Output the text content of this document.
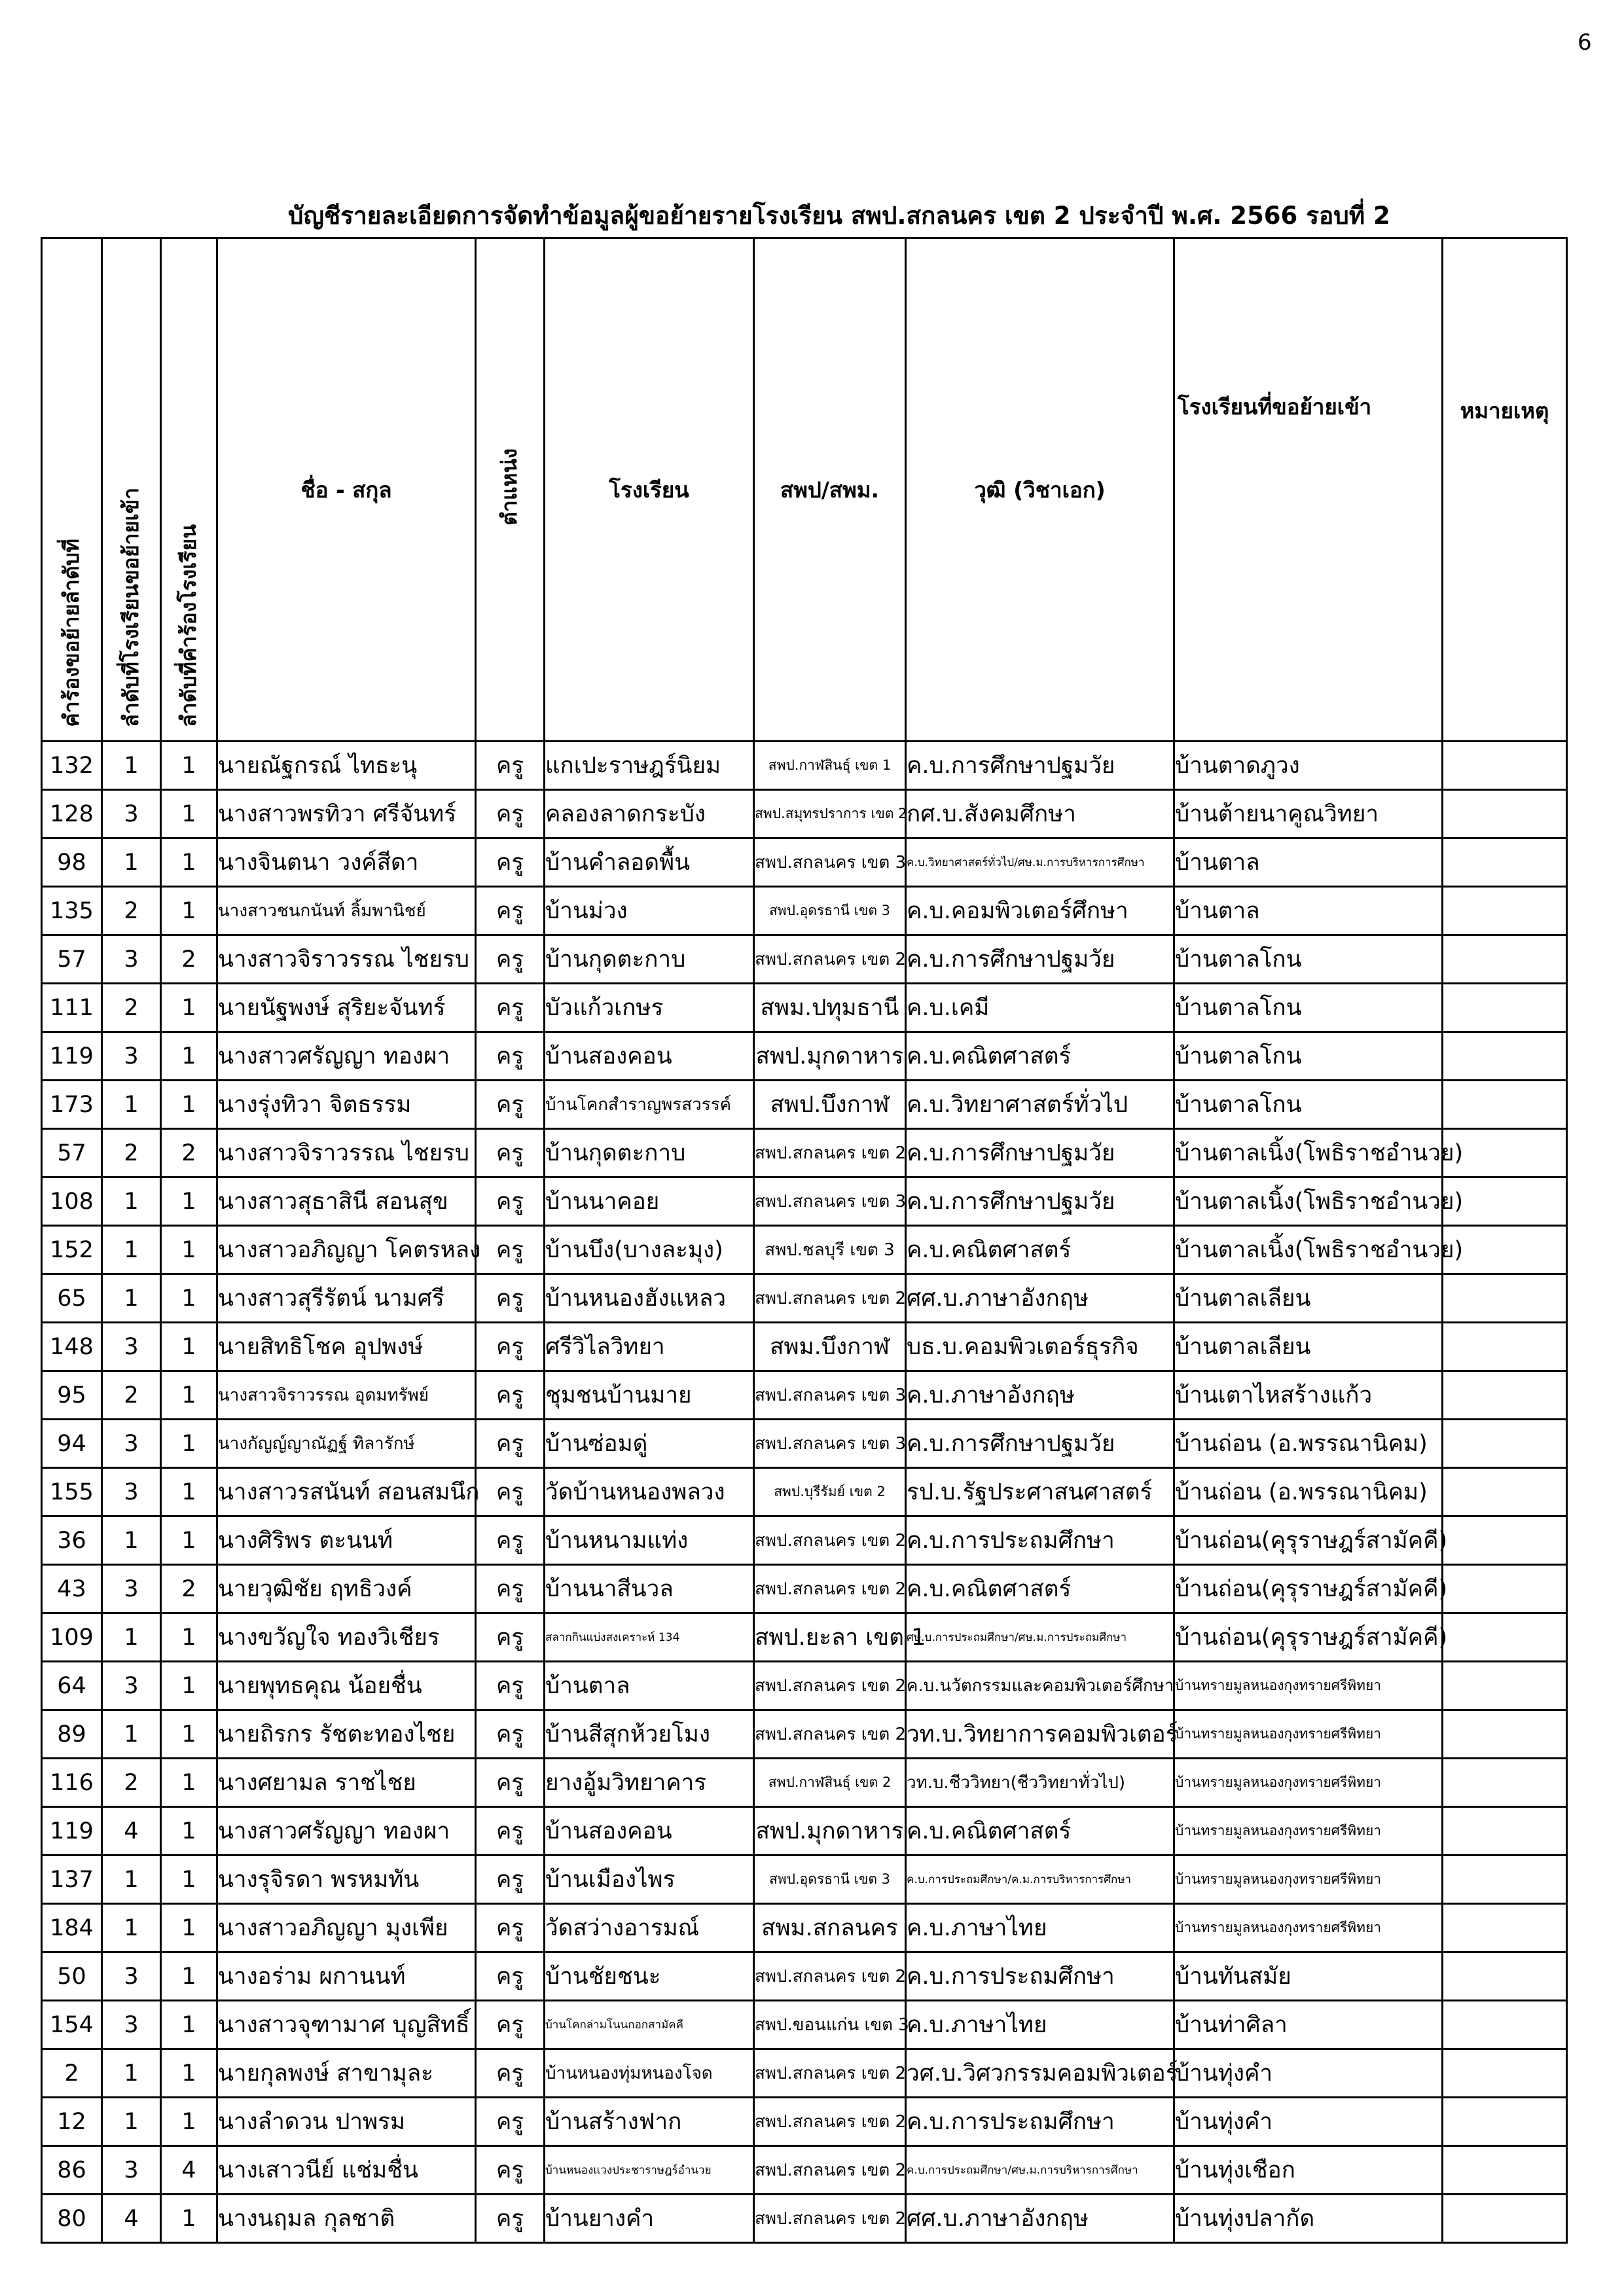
6
บัญชีรายละเอียดการจัดทำข้อมูลผู้ขอย้ายรายโรงเรียน สพป.สกลนคร เขต 2 ประจำปี พ.ศ. 2566 รอบที่ 2
คำร้องขอย้ายลำดับที่	ลำดับที่โรงเรียนขอย้ายเข้า	ลำดับที่คำร้องโรงเรียน	ชื่อ - สกุล	ตำแหน่ง	โรงเรียน	สพป/สพม.	วุฒิ (วิชาเอก)	โรงเรียนที่ขอย้ายเข้า	หมายเหตุ
132	1	1	นายณัฐกรณ์ ไทธะนุ	ครู	แกเปะราษฎร์นิยม	สพป.กาฬสินธุ์ เขต 1	ค.บ.การศึกษาปฐมวัย	บ้านตาดภูวง	
128	3	1	นางสาวพรทิวา ศรีจันทร์	ครู	คลองลาดกระบัง	สพป.สมุทรปราการ เขต 2	กศ.บ.สังคมศึกษา	บ้านต้ายนาคูณวิทยา	
98	1	1	นางจินตนา วงค์สีดา	ครู	บ้านคำลอดพื้น	สพป.สกลนคร เขต 3	ค.บ.วิทยาศาสตร์ทั่วไป/ศษ.ม.การบริหารการศึกษา	บ้านตาล	
135	2	1	นางสาวชนกนันท์ ลิ้มพานิชย์	ครู	บ้านม่วง	สพป.อุดรธานี เขต 3	ค.บ.คอมพิวเตอร์ศึกษา	บ้านตาล	
57	3	2	นางสาวจิราวรรณ ไชยรบ	ครู	บ้านกุดตะกาบ	สพป.สกลนคร เขต 2	ค.บ.การศึกษาปฐมวัย	บ้านตาลโกน	
111	2	1	นายนัฐพงษ์ สุริยะจันทร์	ครู	บัวแก้วเกษร	สพม.ปทุมธานี	ค.บ.เคมี	บ้านตาลโกน	
119	3	1	นางสาวศรัญญา ทองผา	ครู	บ้านสองคอน	สพป.มุกดาหาร	ค.บ.คณิตศาสตร์	บ้านตาลโกน	
173	1	1	นางรุ่งทิวา จิตธรรม	ครู	บ้านโคกสำราญพรสวรรค์	สพป.บึงกาฬ	ค.บ.วิทยาศาสตร์ทั่วไป	บ้านตาลโกน	
57	2	2	นางสาวจิราวรรณ ไชยรบ	ครู	บ้านกุดตะกาบ	สพป.สกลนคร เขต 2	ค.บ.การศึกษาปฐมวัย	บ้านตาลเนิ้ง(โพธิราชอำนวย)	
108	1	1	นางสาวสุธาสินี สอนสุข	ครู	บ้านนาคอย	สพป.สกลนคร เขต 3	ค.บ.การศึกษาปฐมวัย	บ้านตาลเนิ้ง(โพธิราชอำนวย)	
152	1	1	นางสาวอภิญญา โคตรหลง	ครู	บ้านบึง(บางละมุง)	สพป.ชลบุรี เขต 3	ค.บ.คณิตศาสตร์	บ้านตาลเนิ้ง(โพธิราชอำนวย)	
65	1	1	นางสาวสุรีรัตน์ นามศรี	ครู	บ้านหนองฮังแหลว	สพป.สกลนคร เขต 2	ศศ.บ.ภาษาอังกฤษ	บ้านตาลเลียน	
148	3	1	นายสิทธิโชค อุปพงษ์	ครู	ศรีวิไลวิทยา	สพม.บึงกาฬ	บธ.บ.คอมพิวเตอร์ธุรกิจ	บ้านตาลเลียน	
95	2	1	นางสาวจิราวรรณ อุดมทรัพย์	ครู	ชุมชนบ้านมาย	สพป.สกลนคร เขต 3	ค.บ.ภาษาอังกฤษ	บ้านเตาไหสร้างแก้ว	
94	3	1	นางกัญญ์ญาณัฏฐ์ ทิลารักษ์	ครู	บ้านซ่อมดู่	สพป.สกลนคร เขต 3	ค.บ.การศึกษาปฐมวัย	บ้านถ่อน (อ.พรรณานิคม)	
155	3	1	นางสาวรสนันท์ สอนสมนึก	ครู	วัดบ้านหนองพลวง	สพป.บุรีรัมย์ เขต 2	รป.บ.รัฐประศาสนศาสตร์	บ้านถ่อน (อ.พรรณานิคม)	
36	1	1	นางศิริพร ตะนนท์	ครู	บ้านหนามแท่ง	สพป.สกลนคร เขต 2	ค.บ.การประถมศึกษา	บ้านถ่อน(คุรุราษฎร์สามัคคี)	
43	3	2	นายวุฒิชัย ฤทธิวงค์	ครู	บ้านนาสีนวล	สพป.สกลนคร เขต 2	ค.บ.คณิตศาสตร์	บ้านถ่อน(คุรุราษฎร์สามัคคี)	
109	1	1	นางขวัญใจ ทองวิเชียร	ครู	สลากกินแบ่งสงเคราะห์ 134	สพป.ยะลา เขต 1	ศษ.บ.การประถมศึกษา/ศษ.ม.การประถมศึกษา	บ้านถ่อน(คุรุราษฎร์สามัคคี)	
64	3	1	นายพุทธคุณ น้อยชื่น	ครู	บ้านตาล	สพป.สกลนคร เขต 2	ค.บ.นวัตกรรมและคอมพิวเตอร์ศึกษา	บ้านทรายมูลหนองกุงทรายศรีพิทยา	
89	1	1	นายถิรกร รัชตะทองไชย	ครู	บ้านสีสุกห้วยโมง	สพป.สกลนคร เขต 2	วท.บ.วิทยาการคอมพิวเตอร์	บ้านทรายมูลหนองกุงทรายศรีพิทยา	
116	2	1	นางศยามล ราชไชย	ครู	ยางอู้มวิทยาคาร	สพป.กาฬสินธุ์ เขต 2	วท.บ.ชีววิทยา(ชีววิทยาทั่วไป)	บ้านทรายมูลหนองกุงทรายศรีพิทยา	
119	4	1	นางสาวศรัญญา ทองผา	ครู	บ้านสองคอน	สพป.มุกดาหาร	ค.บ.คณิตศาสตร์	บ้านทรายมูลหนองกุงทรายศรีพิทยา	
137	1	1	นางรุจิรดา พรหมทัน	ครู	บ้านเมืองไพร	สพป.อุดรธานี เขต 3	ค.บ.การประถมศึกษา/ค.ม.การบริหารการศึกษา	บ้านทรายมูลหนองกุงทรายศรีพิทยา	
184	1	1	นางสาวอภิญญา มุงเพีย	ครู	วัดสว่างอารมณ์	สพม.สกลนคร	ค.บ.ภาษาไทย	บ้านทรายมูลหนองกุงทรายศรีพิทยา	
50	3	1	นางอร่าม ผกานนท์	ครู	บ้านชัยชนะ	สพป.สกลนคร เขต 2	ค.บ.การประถมศึกษา	บ้านทันสมัย	
154	3	1	นางสาวจุฑามาศ บุญสิทธิ์	ครู	บ้านโคกล่ามโนนกอกสามัคคี	สพป.ขอนแก่น เขต 3	ค.บ.ภาษาไทย	บ้านท่าศิลา	
2	1	1	นายกุลพงษ์ สาขามุละ	ครู	บ้านหนองทุ่มหนองโจด	สพป.สกลนคร เขต 2	วศ.บ.วิศวกรรมคอมพิวเตอร์	บ้านทุ่งคำ	
12	1	1	นางลำดวน ปาพรม	ครู	บ้านสร้างฟาก	สพป.สกลนคร เขต 2	ค.บ.การประถมศึกษา	บ้านทุ่งคำ	
86	3	4	นางเสาวนีย์ แช่มชื่น	ครู	บ้านหนองแวงประชาราษฎร์อำนวย	สพป.สกลนคร เขต 2	ค.บ.การประถมศึกษา/ศษ.ม.การบริหารการศึกษา	บ้านทุ่งเชือก	
80	4	1	นางนฤมล กุลชาติ	ครู	บ้านยางคำ	สพป.สกลนคร เขต 2	ศศ.บ.ภาษาอังกฤษ	บ้านทุ่งปลากัด	
